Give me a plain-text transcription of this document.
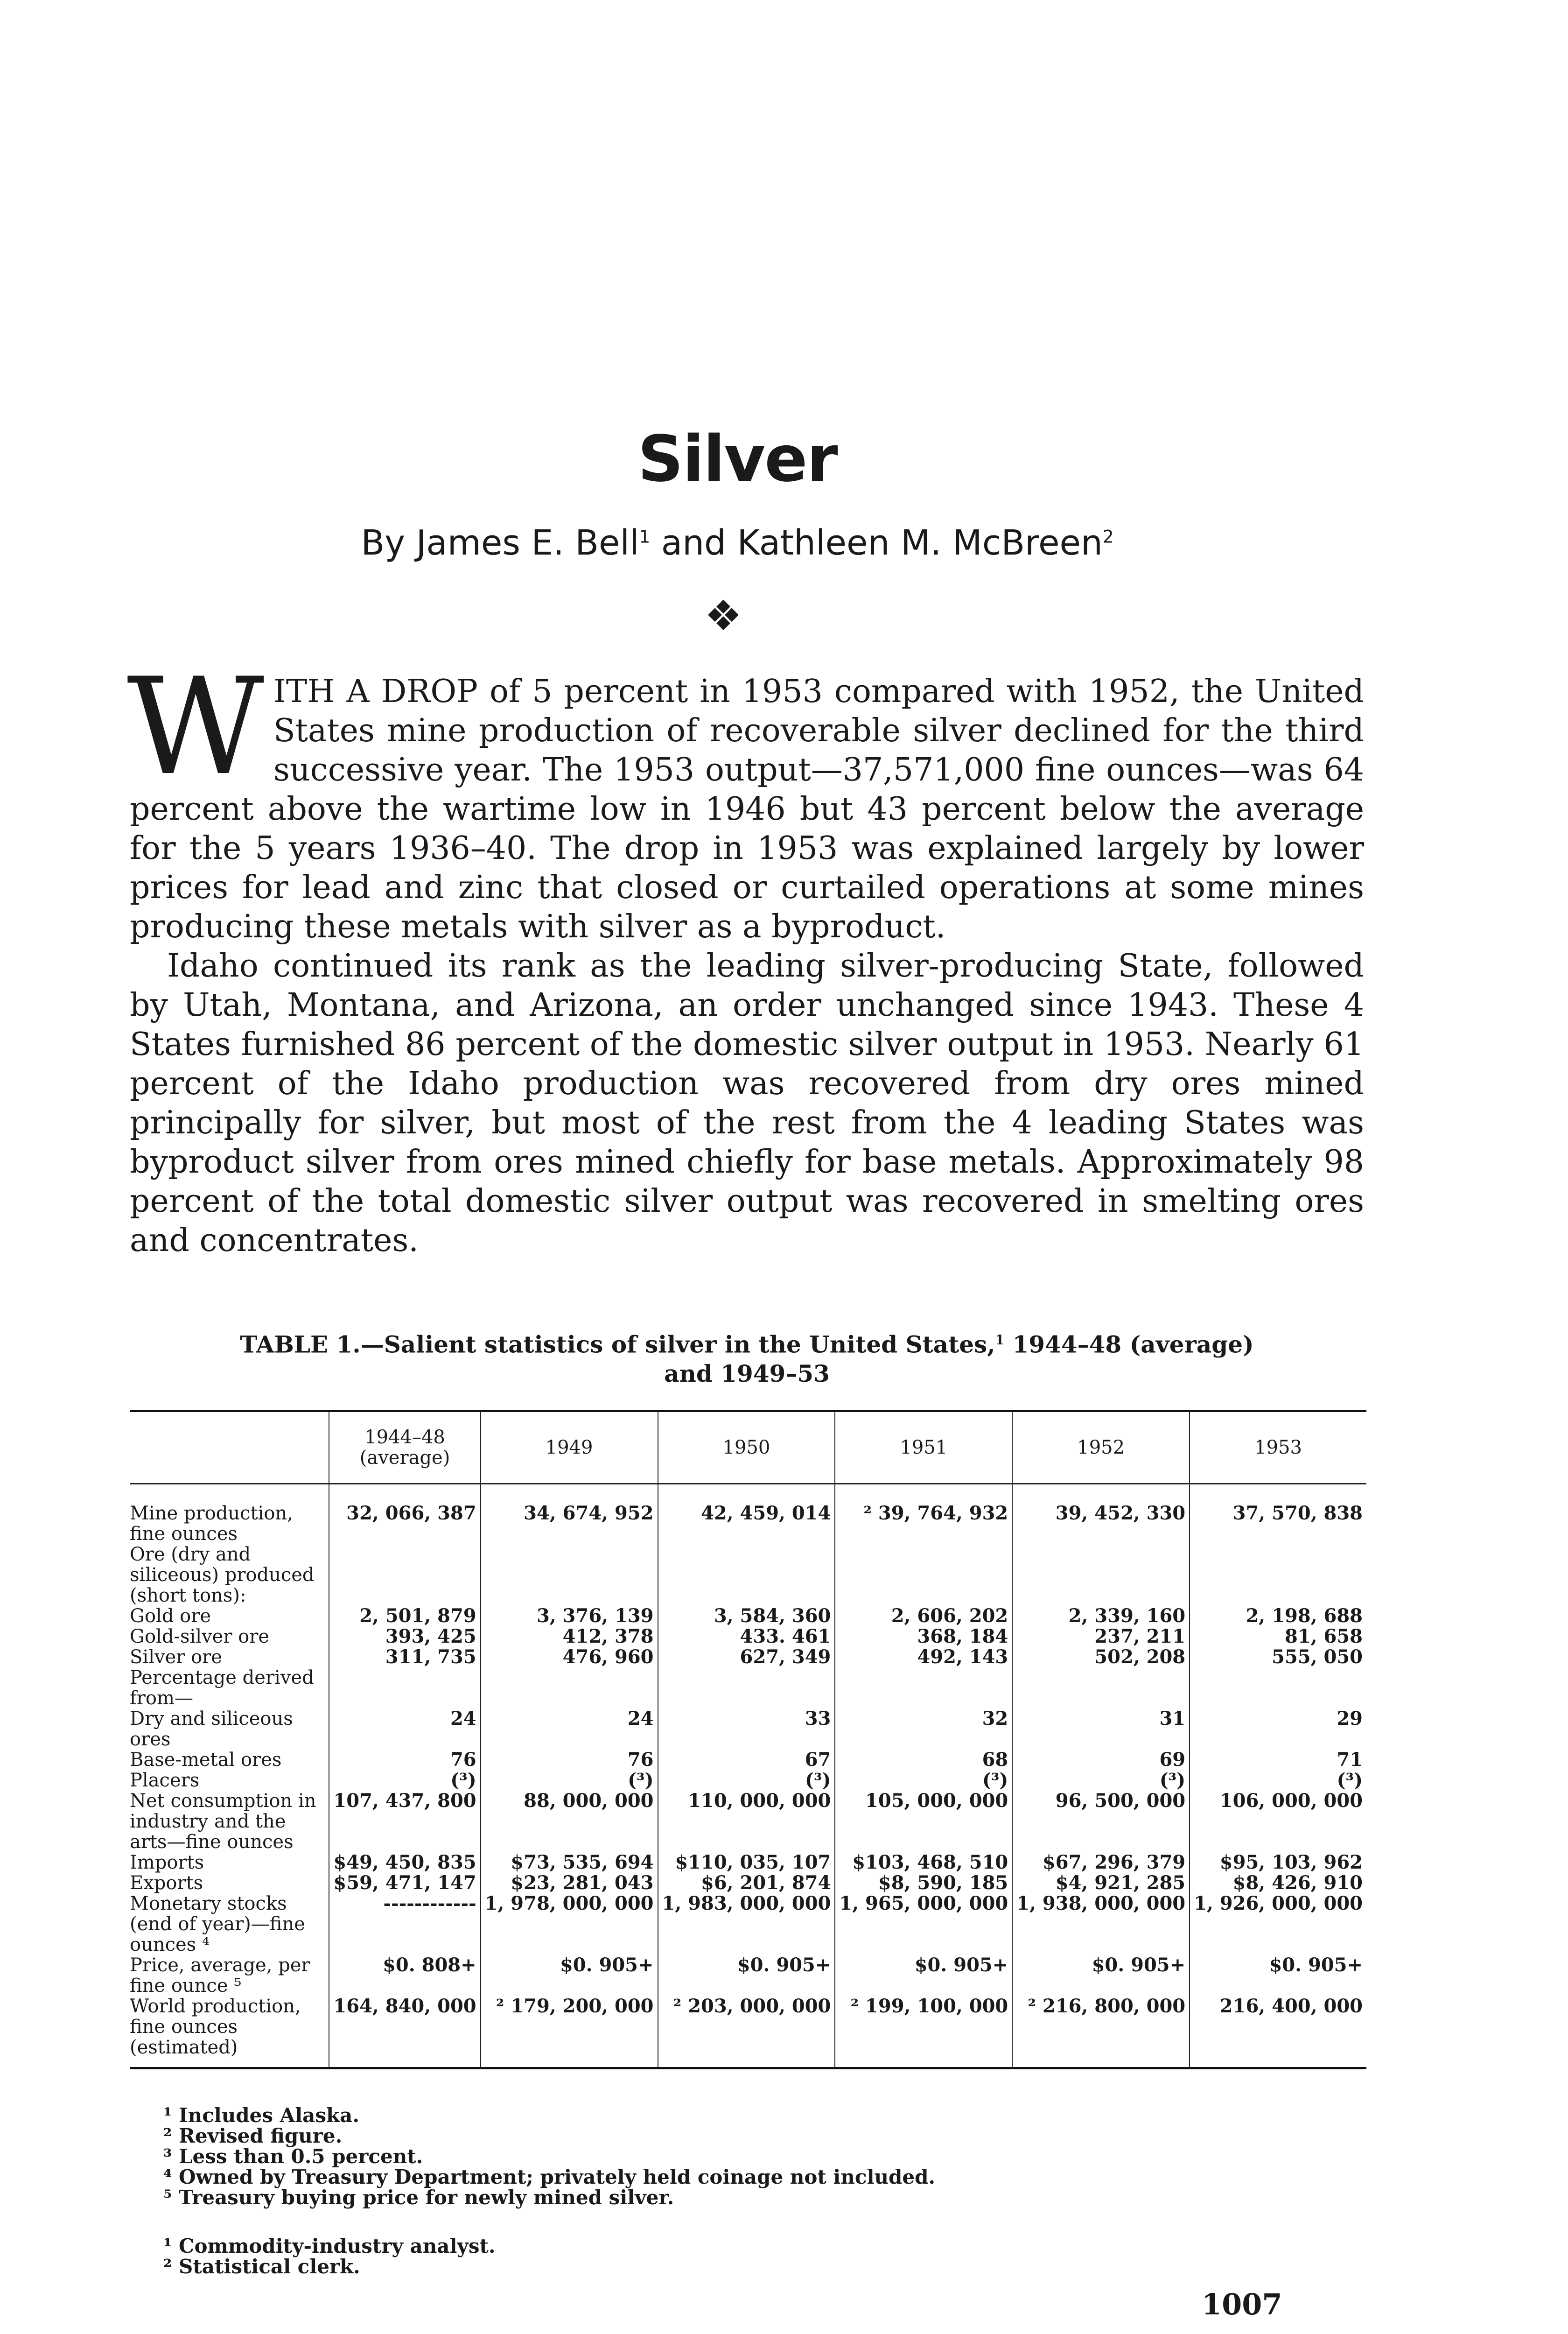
Silver
By James E. Bell$^1$ and Kathleen M. McBreen$^2$
❖

WITH A DROP of 5 percent in 1953 compared with 1952, the United States mine production of recoverable silver declined for the third successive year. The 1953 output—37,571,000 fine ounces—was 64 percent above the wartime low in 1946 but 43 percent below the average for the 5 years 1936–40. The drop in 1953 was explained largely by lower prices for lead and zinc that closed or curtailed operations at some mines producing these metals with silver as a byproduct.

Idaho continued its rank as the leading silver-producing State, followed by Utah, Montana, and Arizona, an order unchanged since 1943. These 4 States furnished 86 percent of the domestic silver output in 1953. Nearly 61 percent of the Idaho production was recovered from dry ores mined principally for silver, but most of the rest from the 4 leading States was byproduct silver from ores mined chiefly for base metals. Approximately 98 percent of the total domestic silver output was recovered in smelting ores and concentrates.

TABLE 1.—Salient statistics of silver in the United States,$^1$ 1944–48 (average)
and 1949–53
	1944–48 (average)	1949	1950	1951	1952	1953
Mine production, fine ounces	32, 066, 387	34, 674, 952	42, 459, 014	² 39, 764, 932	39, 452, 330	37, 570, 838
Ore (dry and siliceous) produced (short tons):						
Gold ore	2, 501, 879	3, 376, 139	3, 584, 360	2, 606, 202	2, 339, 160	2, 198, 688
Gold-silver ore	393, 425	412, 378	433. 461	368, 184	237, 211	81, 658
Silver ore	311, 735	476, 960	627, 349	492, 143	502, 208	555, 050
Percentage derived from—						
Dry and siliceous ores	24	24	33	32	31	29
Base-metal ores	76	76	67	68	69	71
Placers	(³)	(³)	(³)	(³)	(³)	(³)
Net consumption in industry and the arts—fine ounces	107, 437, 800	88, 000, 000	110, 000, 000	105, 000, 000	96, 500, 000	106, 000, 000
Imports	$49, 450, 835	$73, 535, 694	$110, 035, 107	$103, 468, 510	$67, 296, 379	$95, 103, 962
Exports	$59, 471, 147	$23, 281, 043	$6, 201, 874	$8, 590, 185	$4, 921, 285	$8, 426, 910
Monetary stocks (end of year)—fine ounces ⁴	------------	1, 978, 000, 000	1, 983, 000, 000	1, 965, 000, 000	1, 938, 000, 000	1, 926, 000, 000
Price, average, per fine ounce ⁵	$0. 808+	$0. 905+	$0. 905+	$0. 905+	$0. 905+	$0. 905+
World production, fine ounces (estimated)	164, 840, 000	² 179, 200, 000	² 203, 000, 000	² 199, 100, 000	² 216, 800, 000	216, 400, 000
¹ Includes Alaska.
² Revised figure.
³ Less than 0.5 percent.
⁴ Owned by Treasury Department; privately held coinage not included.
⁵ Treasury buying price for newly mined silver.
¹ Commodity-industry analyst.
² Statistical clerk.
1007
